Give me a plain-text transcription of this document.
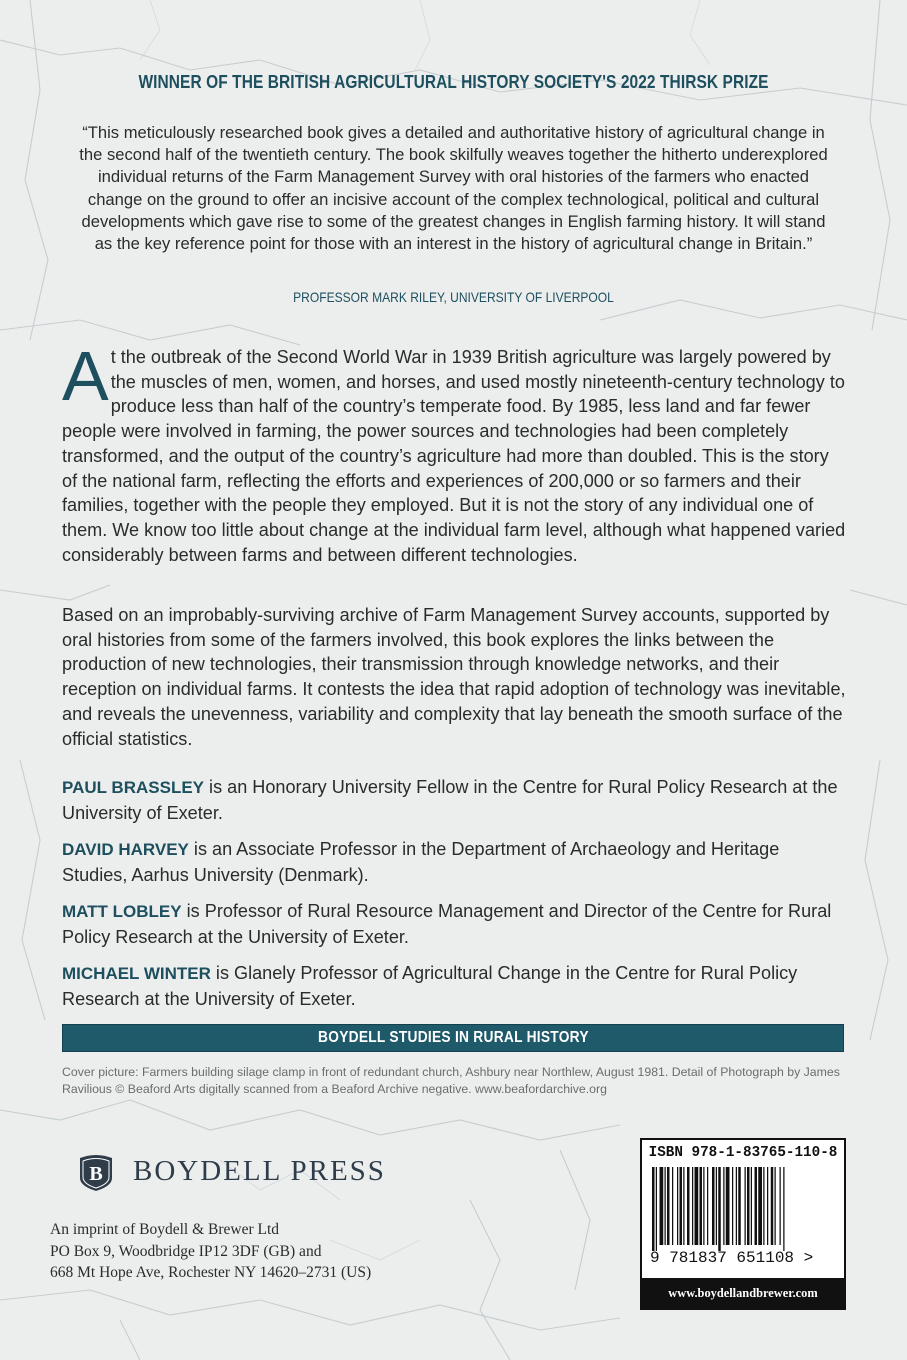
WINNER OF THE BRITISH AGRICULTURAL HISTORY SOCIETY'S 2022 THIRSK PRIZE
“This meticulously researched book gives a detailed and authoritative history of agricultural change in the second half of the twentieth century. The book skilfully weaves together the hitherto underexplored individual returns of the Farm Management Survey with oral histories of the farmers who enacted change on the ground to offer an incisive account of the complex technological, political and cultural developments which gave rise to some of the greatest changes in English farming history. It will stand as the key reference point for those with an interest in the history of agricultural change in Britain.”
PROFESSOR MARK RILEY, UNIVERSITY OF LIVERPOOL
At the outbreak of the Second World War in 1939 British agriculture was largely powered by the muscles of men, women, and horses, and used mostly nineteenth-century technology to produce less than half of the country’s temperate food. By 1985, less land and far fewer people were involved in farming, the power sources and technologies had been completely transformed, and the output of the country’s agriculture had more than doubled. This is the story of the national farm, reflecting the efforts and experiences of 200,000 or so farmers and their families, together with the people they employed. But it is not the story of any individual one of them. We know too little about change at the individual farm level, although what happened varied considerably between farms and between different technologies.
Based on an improbably-surviving archive of Farm Management Survey accounts, supported by oral histories from some of the farmers involved, this book explores the links between the production of new technologies, their transmission through knowledge networks, and their reception on individual farms. It contests the idea that rapid adoption of technology was inevitable, and reveals the unevenness, variability and complexity that lay beneath the smooth surface of the official statistics.
PAUL BRASSLEY is an Honorary University Fellow in the Centre for Rural Policy Research at the University of Exeter.
DAVID HARVEY is an Associate Professor in the Department of Archaeology and Heritage Studies, Aarhus University (Denmark).
MATT LOBLEY is Professor of Rural Resource Management and Director of the Centre for Rural Policy Research at the University of Exeter.
MICHAEL WINTER is Glanely Professor of Agricultural Change in the Centre for Rural Policy Research at the University of Exeter.
BOYDELL STUDIES IN RURAL HISTORY
Cover picture: Farmers building silage clamp in front of redundant church, Ashbury near Northlew, August 1981. Detail of Photograph by James Ravilious © Beaford Arts digitally scanned from a Beaford Archive negative. www.beafordarchive.org
B BOYDELL PRESS
An imprint of Boydell & Brewer Ltd
PO Box 9, Woodbridge IP12 3DF (GB) and
668 Mt Hope Ave, Rochester NY 14620–2731 (US)
ISBN 978-1-83765-110-8
9 781837 651108 >
www.boydellandbrewer.com
